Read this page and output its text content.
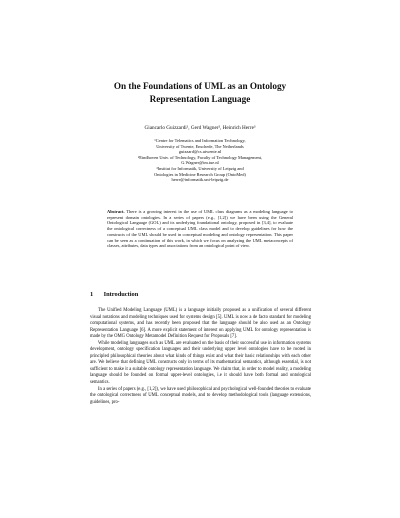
On the Foundations of UML as an Ontology
Representation Language
Giancarlo Guizzardi¹, Gerd Wagner², Heinrich Herre³
¹Centre for Telematics and Information Technology,
University of Twente, Enschede, The Netherlands
guizzard@cs.utwente.nl
²Eindhoven Univ. of Technology, Faculty of Technology Management,
G.Wagner@tm.tue.nl
³Institut for Informatik, University of Leipzig and
Ontologies in Medicine Research Group (OntoMed)
herre@informatik.uni-leipzig.de
Abstract. There is a growing interest in the use of UML class diagrams as a modeling language to represent domain ontologies. In a series of papers (e.g., [1,2]) we have been using the General Ontological Language (GOL) and its underlying foundational ontology, proposed in [3,4], to evaluate the ontological correctness of a conceptual UML class model and to develop guidelines for how the constructs of the UML should be used in conceptual modeling and ontology representation. This paper can be seen as a continuation of this work, in which we focus on analyzing the UML metaconcepts of classes, attributes, data types and associations from an ontological point of view.
1 Introduction

The Unified Modeling Language (UML) is a language initially proposed as a unification of several different visual notations and modeling techniques used for systems design [5]. UML is now a de facto standard for modeling computational systems, and has recently been proposed that the language should be also used as an Ontology Representation Language [6]. A more explicit statement of interest on applying UML for ontology representation is made by the OMG Ontology Metamodel Definition Request for Proposals [7].

While modeling languages such as UML are evaluated on the basis of their successful use in information systems development, ontology specification languages and their underlying upper level ontologies have to be rooted in principled philosophical theories about what kinds of things exist and what their basic relationships with each other are. We believe that defining UML constructs only in terms of its mathematical semantics, although essential, is not sufficient to make it a suitable ontology representation language. We claim that, in order to model reality, a modeling language should be founded on formal upper-level ontologies, i.e it should have both formal and ontological semantics.

In a series of papers (e.g., [1,2]), we have used philosophical and psychological well-founded theories to evaluate the ontological correctness of UML conceptual models, and to develop methodological tools (language extensions, guidelines, pro-
